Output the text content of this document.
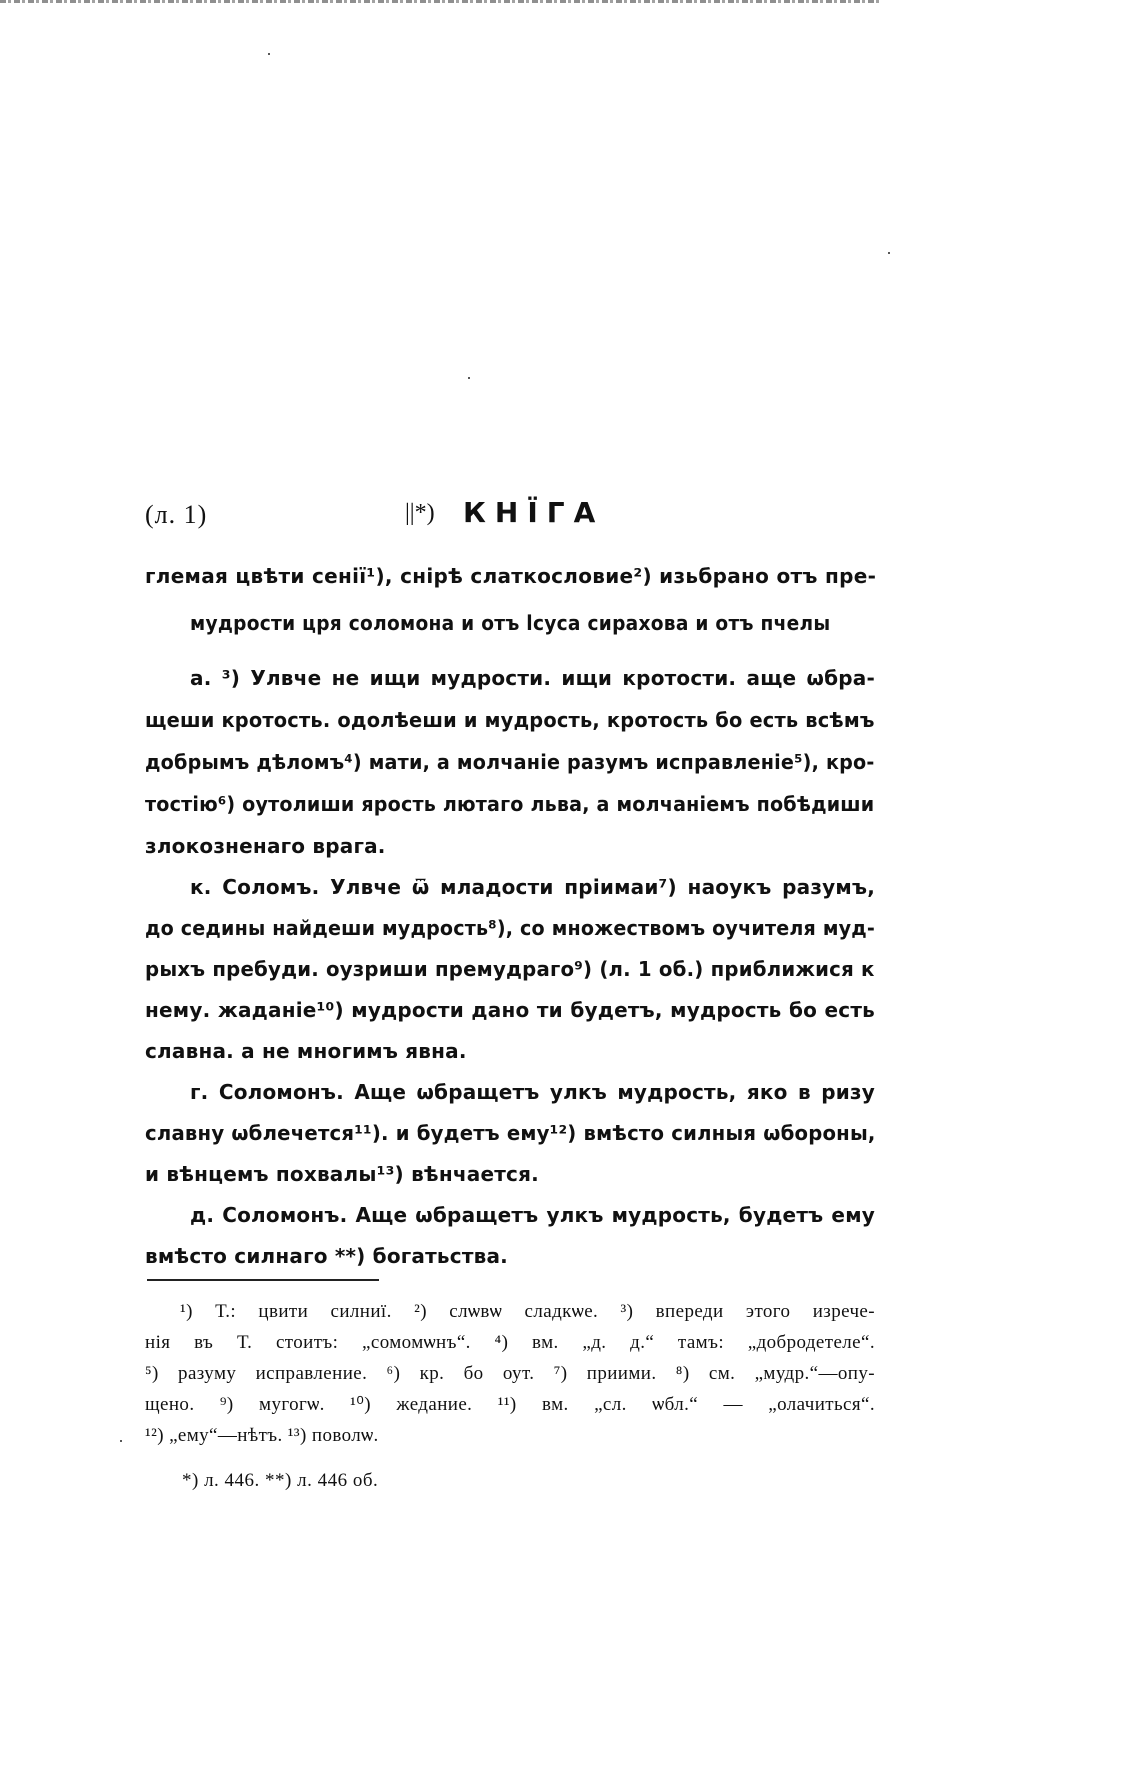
(л. 1)	||*) КНЇГА
глемая цвѣти сенiї¹), снiрѣ слаткословие²) изьбрано отъ пре-
мудрости цря соломона и отъ ӏсуса сирахова и отъ пчелы
а. ³) Улвче не ищи мудрости. ищи кротости. аще ѡбра-
щеши кротость. одолѣеши и мудрость, кротость бо есть всѣмъ
добрымъ дѣломъ⁴) мати, а молчанiе разумъ исправленiе⁵), кро-
тостiю⁶) оутолиши ярость лютаго льва, а молчанiемъ побѣдиши
злокозненаго врага.
к. Соломъ. Улвче ѿ младости прiимаи⁷) наоукъ разумъ,
до седины найдеши мудрость⁸), со множествомъ оучителя муд-
рыхъ пребуди. оузриши премудраго⁹) (л. 1 об.) приближися к
нему. жаданiе¹⁰) мудрости дано ти будетъ, мудрость бо есть
славна. а не многимъ явна.
г. Соломонъ. Аще ѡбращетъ улкъ мудрость, яко в ризу
славну ѡблечется¹¹). и будетъ ему¹²) вмѣсто силныя ѡбороны,
и вѣнцемъ похвалы¹³) вѣнчается.
д. Соломонъ. Аще ѡбращетъ улкъ мудрость, будетъ ему
вмѣсто силнаго **) богатьства.
¹) Т.: цвити силниї. ²) слѡвѡ сладкѡе. ³) впереди этого изрече-
нiя въ Т. стоитъ: „сомомѡнъ“. ⁴) вм. „д. д.“ тамъ: „добродетеле“.
⁵) разуму исправление. ⁶) кр. бо оут. ⁷) приими. ⁸) см. „мудр.“—опу-
щено. ⁹) мугогѡ. ¹⁰) жедание. ¹¹) вм. „сл. ѡбл.“ — „олачиться“.
¹²) „ему“—нѣтъ. ¹³) поволѡ.
*) л. 446. **) л. 446 об.
